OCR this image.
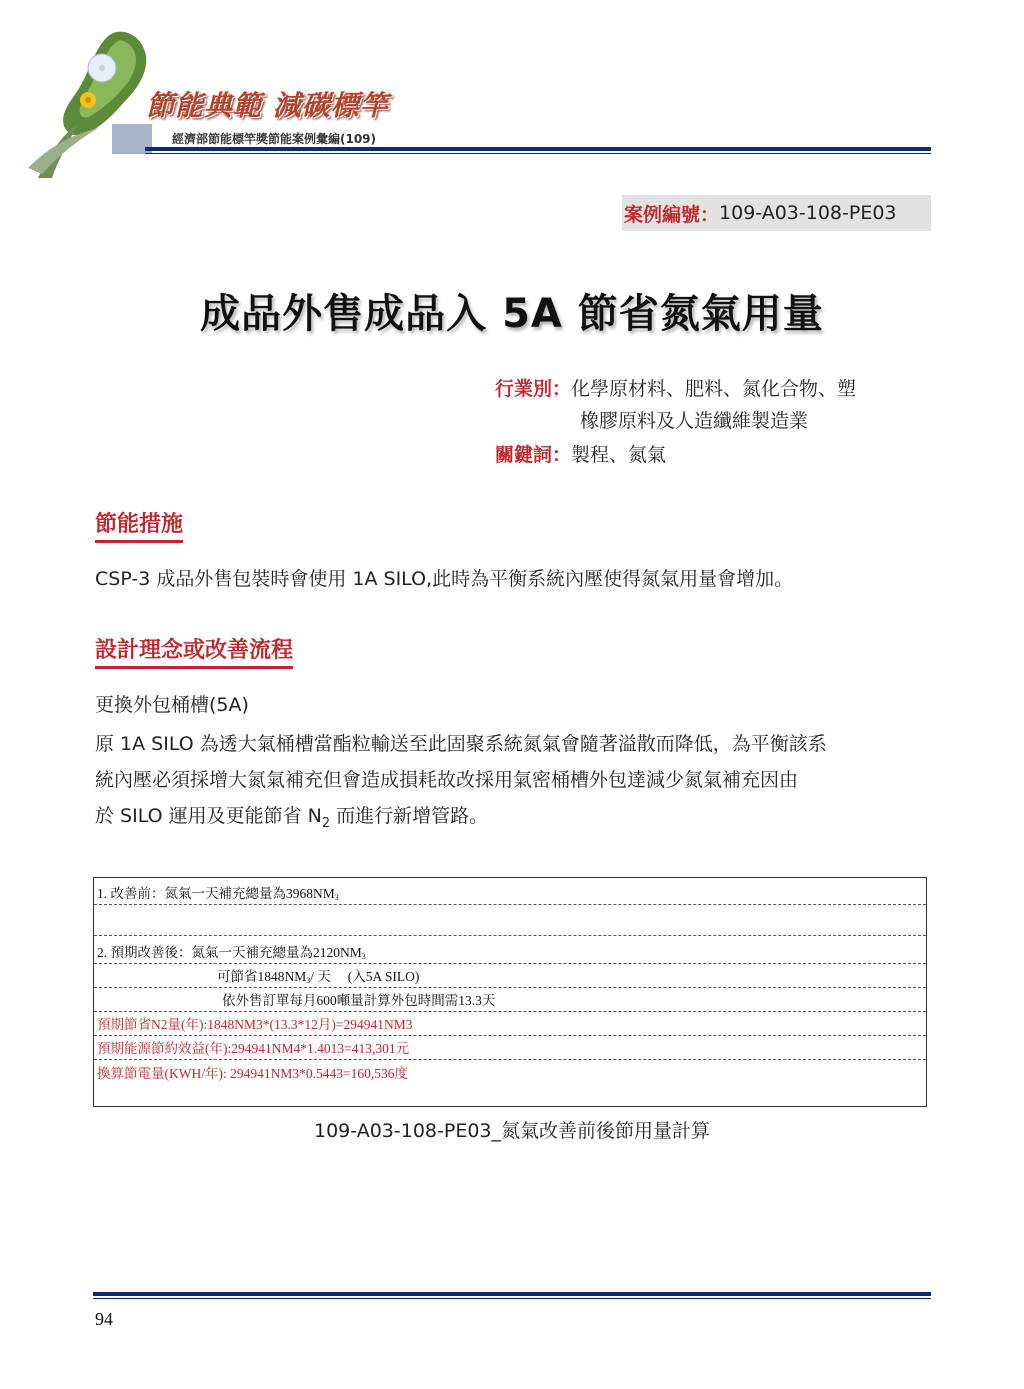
節能典範 減碳標竿
經濟部節能標竿獎節能案例彙編(109)
案例編號： 109-A03-108-PE03
成品外售成品入 5A 節省氮氣用量
行業別：化學原材料、肥料、氮化合物、塑
橡膠原料及人造纖維製造業
關鍵詞：製程、氮氣
節能措施
CSP-3 成品外售包裝時會使用 1A SILO,此時為平衡系統內壓使得氮氣用量會增加。
設計理念或改善流程
更換外包桶槽(5A)
原 1A SILO 為透大氣桶槽當酯粒輸送至此固聚系統氮氣會隨著溢散而降低，為平衡該系
統內壓必須採增大氮氣補充但會造成損耗故改採用氣密桶槽外包達減少氮氣補充因由
於 SILO 運用及更能節省 $N_2$ 而進行新增管路。
1. 改善前：氮氣一天補充總量為$3968NM_3$
2. 預期改善後：氮氣一天補充總量為$2120NM_3$
可節省$1848NM_3$ / 天　 (入5A SILO)
依外售訂單每月600噸量計算外包時間需13.3天
預期節省N2量(年):1848NM3*(13.3*12月)=294941NM3
預期能源節約效益(年):294941NM4*1.4013=413,301元
換算節電量(KWH/年): 294941NM3*0.5443=160,536度
109-A03-108-PE03_氮氣改善前後節用量計算
94
